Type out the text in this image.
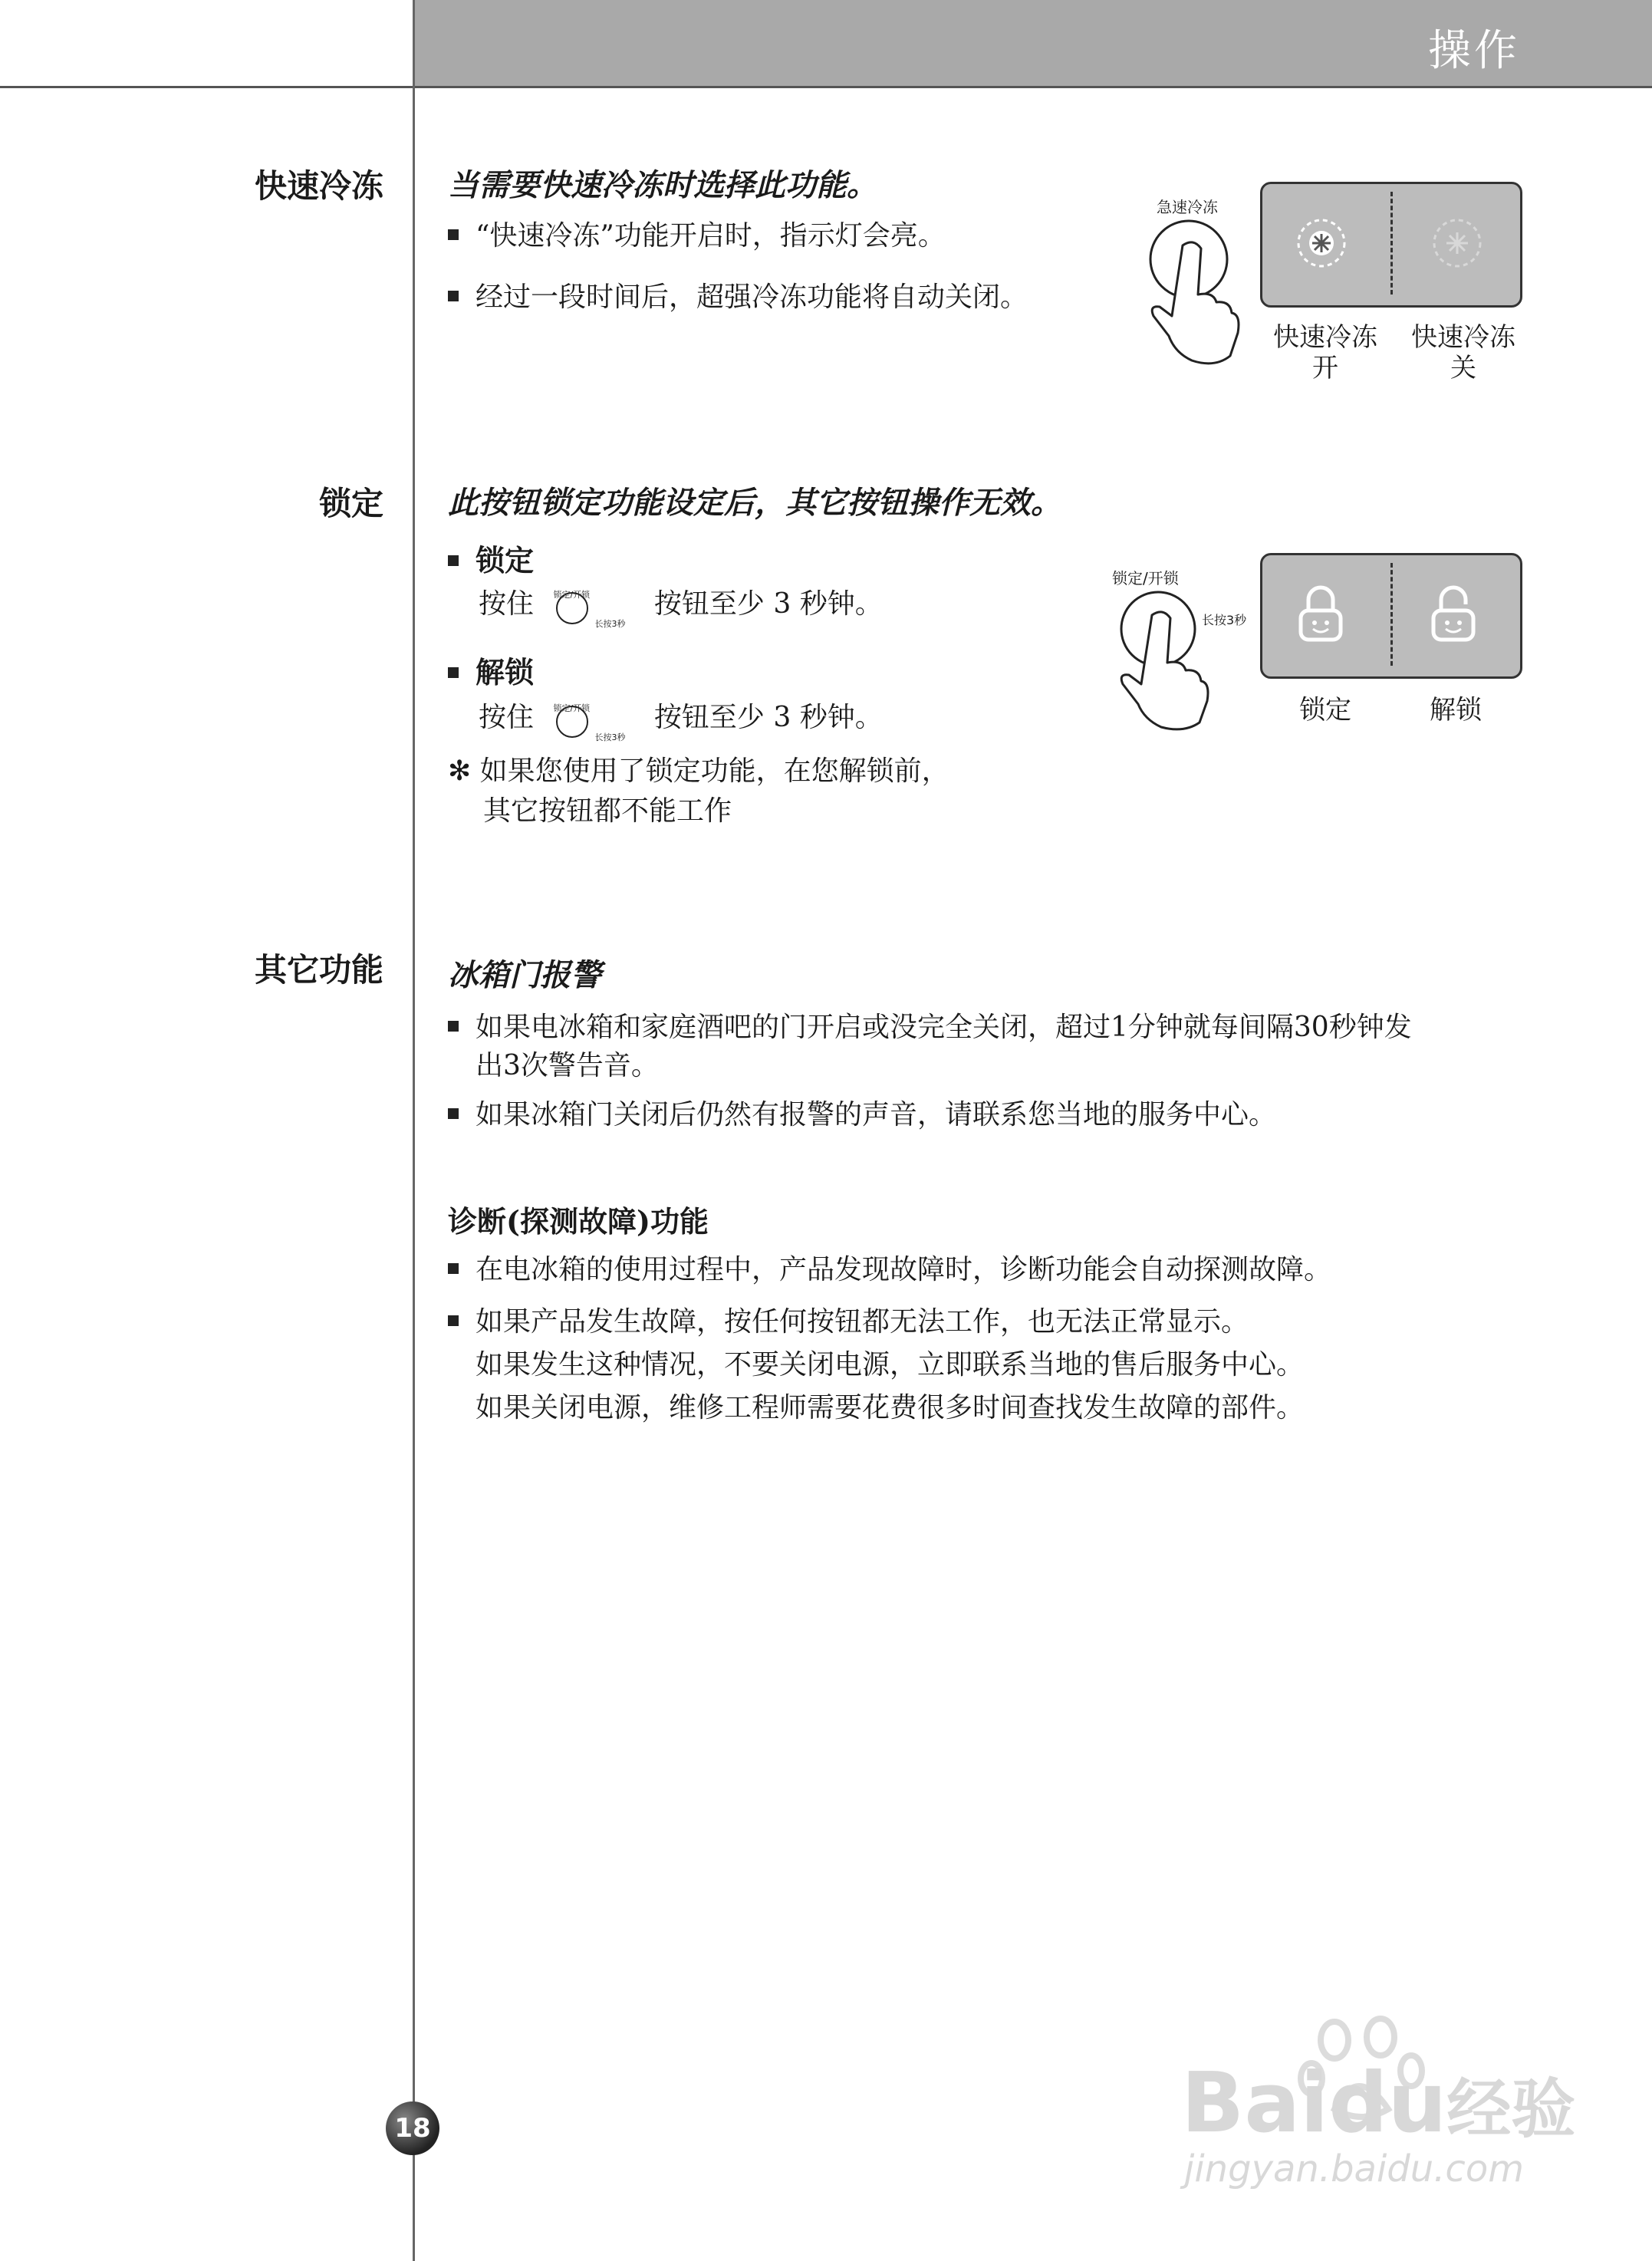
操作
快速冷冻 当需要快速冷冻时选择此功能。
“快速冷冻”功能开启时，指示灯会亮。
经过一段时间后，超强冷冻功能将自动关闭。
急速冷冻
快速冷冻
开
快速冷冻
关
锁定 此按钮锁定功能设定后，其它按钮操作无效。
锁定
按住 锁定/开锁
长按3秒
按钮至少 3 秒钟。
解锁
按住 锁定/开锁
长按3秒
按钮至少 3 秒钟。
✻ 如果您使用了锁定功能，在您解锁前，
其它按钮都不能工作
锁定/开锁
长按3秒
锁定	解锁
其它功能 冰箱门报警
如果电冰箱和家庭酒吧的门开启或没完全关闭，超过1分钟就每间隔30秒钟发
出3次警告音。
如果冰箱门关闭后仍然有报警的声音，请联系您当地的服务中心。
诊断(探测故障)功能
在电冰箱的使用过程中，产品发现故障时，诊断功能会自动探测故障。
如果产品发生故障，按任何按钮都无法工作，也无法正常显示。
如果发生这种情况，不要关闭电源，立即联系当地的售后服务中心。
如果关闭电源，维修工程师需要花费很多时间查找发生故障的部件。
18	Baidu经验
jingyan.baidu.com
